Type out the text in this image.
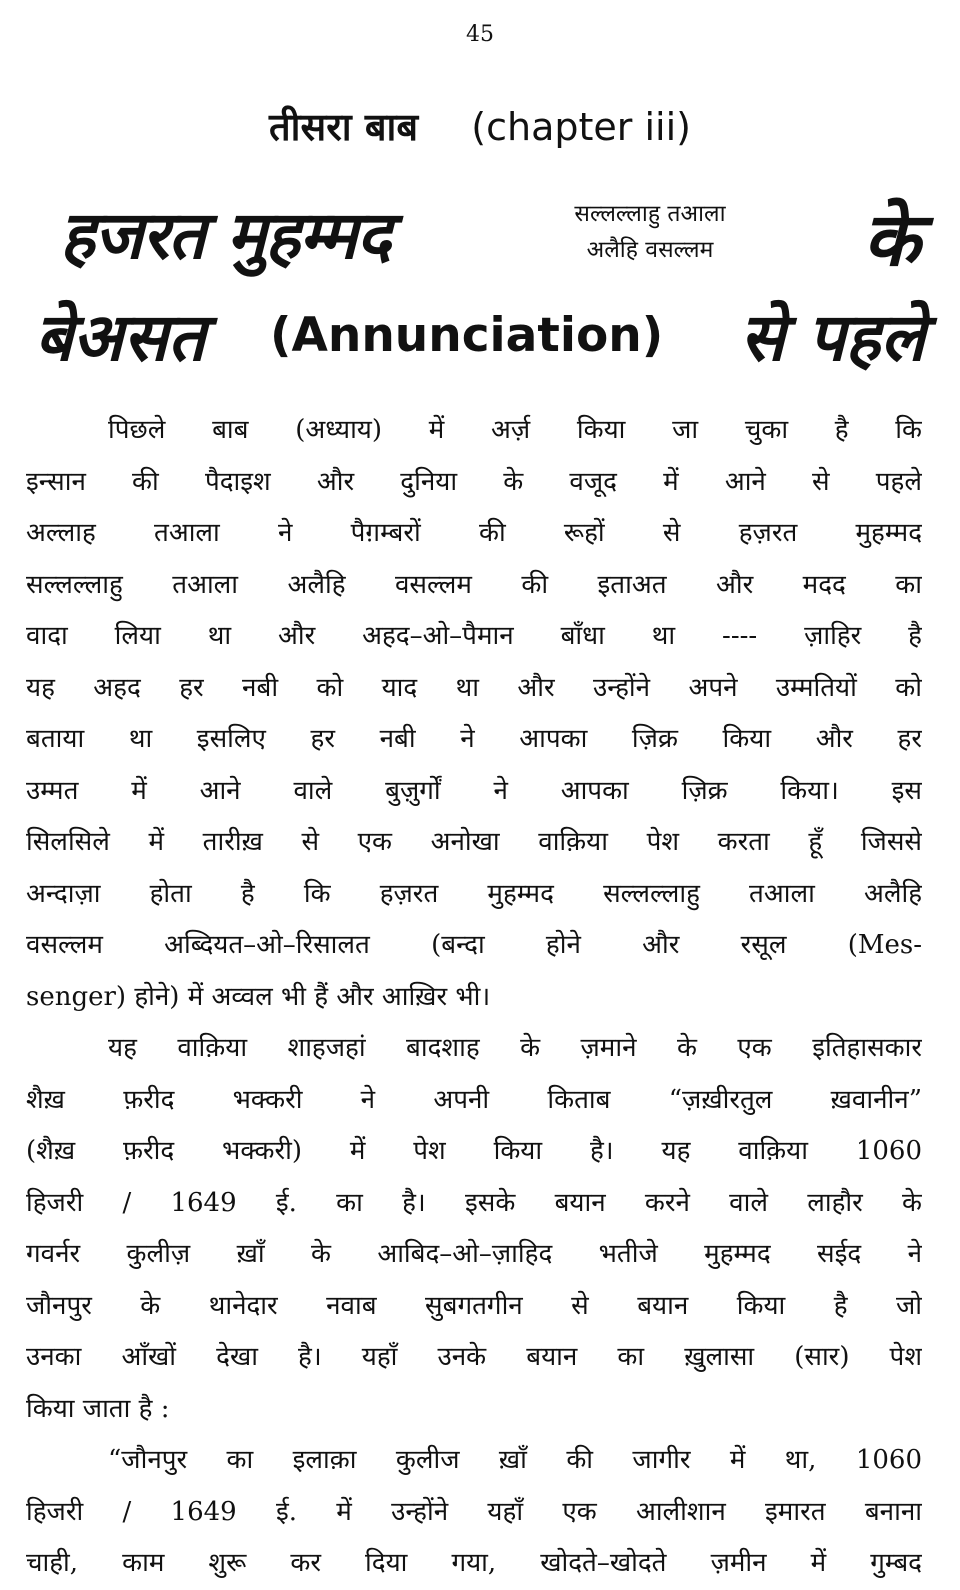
45
तीसरा बाब (chapter iii)
हजरत मुहम्मद	सल्लल्लाहु तआला
अलैहि वसल्लम	के
बेअसत (Annunciation) से पहले
पिछले बाब (अध्याय) में अर्ज़ किया जा चुका है कि
इन्सान की पैदाइश और दुनिया के वजूद में आने से पहले
अल्लाह तआला ने पैग़म्बरों की रूहों से हज़रत मुहम्मद
सल्लल्लाहु तआला अलैहि वसल्लम की इताअत और मदद का
वादा लिया था और अहद–ओ–पैमान बाँधा था ---- ज़ाहिर है
यह अहद हर नबी को याद था और उन्होंने अपने उम्मतियों को
बताया था इसलिए हर नबी ने आपका ज़िक्र किया और हर
उम्मत में आने वाले बुज़ुर्गों ने आपका ज़िक्र किया। इस
सिलसिले में तारीख़ से एक अनोखा वाक़िया पेश करता हूँ जिससे
अन्दाज़ा होता है कि हज़रत मुहम्मद सल्लल्लाहु तआला अलैहि
वसल्लम अब्दियत–ओ–रिसालत (बन्दा होने और रसूल (Mes-
senger) होने) में अव्वल भी हैं और आख़िर भी।
यह वाक़िया शाहजहां बादशाह के ज़माने के एक इतिहासकार
शैख़ फ़रीद भक्करी ने अपनी किताब “ज़ख़ीरतुल ख़वानीन”
(शैख़ फ़रीद भक्करी) में पेश किया है। यह वाक़िया 1060
हिजरी / 1649 ई. का है। इसके बयान करने वाले लाहौर के
गवर्नर कुलीज़ ख़ाँ के आबिद–ओ–ज़ाहिद भतीजे मुहम्मद सईद ने
जौनपुर के थानेदार नवाब सुबगतगीन से बयान किया है जो
उनका आँखों देखा है। यहाँ उनके बयान का ख़ुलासा (सार) पेश
किया जाता है :
“जौनपुर का इलाक़ा कुलीज ख़ाँ की जागीर में था, 1060
हिजरी / 1649 ई. में उन्होंने यहाँ एक आलीशान इमारत बनाना
चाही, काम शुरू कर दिया गया, खोदते–खोदते ज़मीन में गुम्बद
